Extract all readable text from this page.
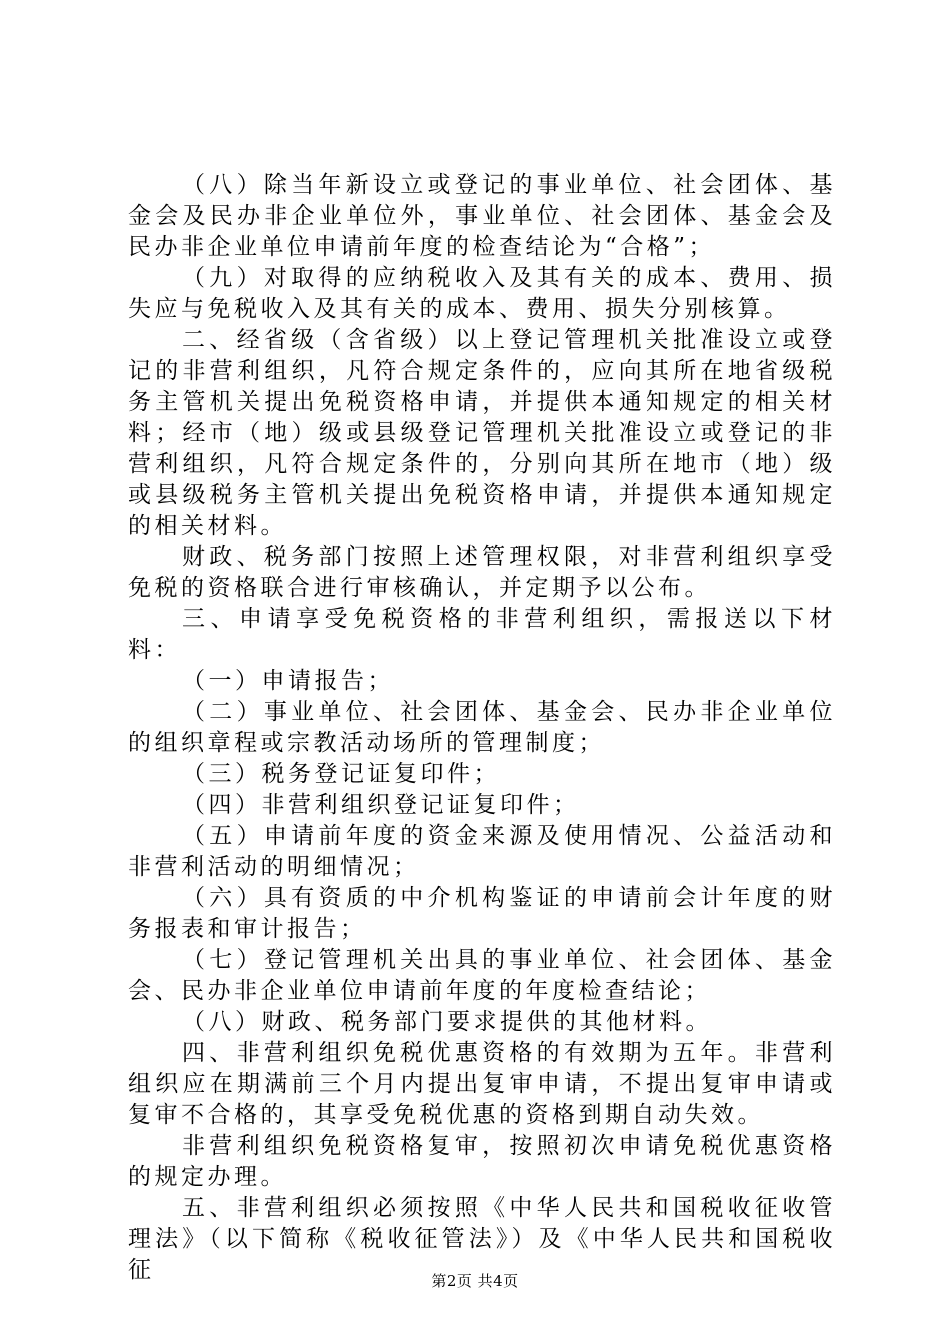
（八）除当年新设立或登记的事业单位、社会团体、基金会及民办非企业单位外，事业单位、社会团体、基金会及民办非企业单位申请前年度的检查结论为“合格”；

（九）对取得的应纳税收入及其有关的成本、费用、损失应与免税收入及其有关的成本、费用、损失分别核算。

二、经省级（含省级）以上登记管理机关批准设立或登记的非营利组织，凡符合规定条件的，应向其所在地省级税务主管机关提出免税资格申请，并提供本通知规定的相关材料；经市（地）级或县级登记管理机关批准设立或登记的非营利组织，凡符合规定条件的，分别向其所在地市（地）级或县级税务主管机关提出免税资格申请，并提供本通知规定的相关材料。

财政、税务部门按照上述管理权限，对非营利组织享受免税的资格联合进行审核确认，并定期予以公布。

三、申请享受免税资格的非营利组织，需报送以下材料：

（一）申请报告；

（二）事业单位、社会团体、基金会、民办非企业单位的组织章程或宗教活动场所的管理制度；

（三）税务登记证复印件；

（四）非营利组织登记证复印件；

（五）申请前年度的资金来源及使用情况、公益活动和非营利活动的明细情况；

（六）具有资质的中介机构鉴证的申请前会计年度的财务报表和审计报告；

（七）登记管理机关出具的事业单位、社会团体、基金会、民办非企业单位申请前年度的年度检查结论；

（八）财政、税务部门要求提供的其他材料。

四、非营利组织免税优惠资格的有效期为五年。非营利组织应在期满前三个月内提出复审申请，不提出复审申请或复审不合格的，其享受免税优惠的资格到期自动失效。

非营利组织免税资格复审，按照初次申请免税优惠资格的规定办理。

五、非营利组织必须按照《中华人民共和国税收征收管理法》（以下简称《税收征管法》）及《中华人民共和国税收征	第2页 共4页
